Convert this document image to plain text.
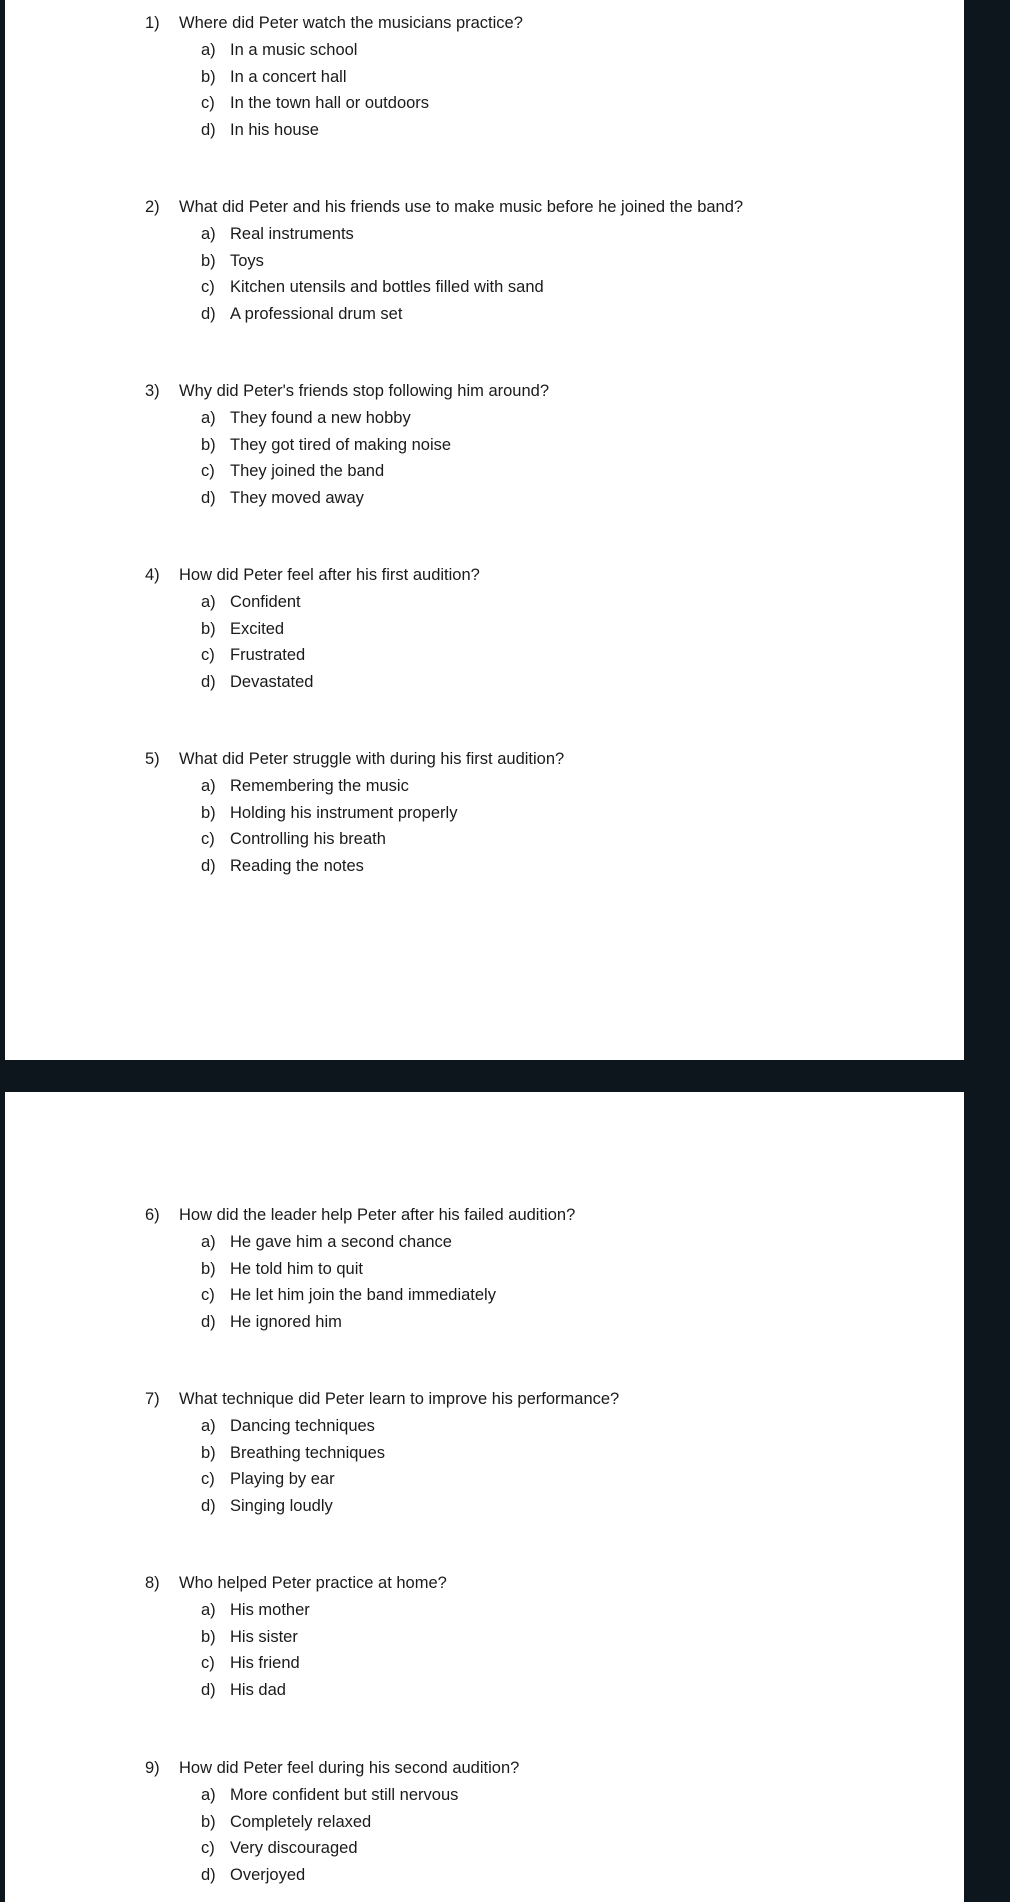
1)	Where did Peter watch the musicians practice?
a) In a music school
b) In a concert hall
c) In the town hall or outdoors
d) In his house
2)	What did Peter and his friends use to make music before he joined the band?
a) Real instruments
b) Toys
c) Kitchen utensils and bottles filled with sand
d) A professional drum set
3)	Why did Peter's friends stop following him around?
a) They found a new hobby
b) They got tired of making noise
c) They joined the band
d) They moved away
4)	How did Peter feel after his first audition?
a) Confident
b) Excited
c) Frustrated
d) Devastated
5)	What did Peter struggle with during his first audition?
a) Remembering the music
b) Holding his instrument properly
c) Controlling his breath
d) Reading the notes
6)	How did the leader help Peter after his failed audition?
a) He gave him a second chance
b) He told him to quit
c) He let him join the band immediately
d) He ignored him
7)	What technique did Peter learn to improve his performance?
a) Dancing techniques
b) Breathing techniques
c) Playing by ear
d) Singing loudly
8)	Who helped Peter practice at home?
a) His mother
b) His sister
c) His friend
d) His dad
9)	How did Peter feel during his second audition?
a) More confident but still nervous
b) Completely relaxed
c) Very discouraged
d) Overjoyed
